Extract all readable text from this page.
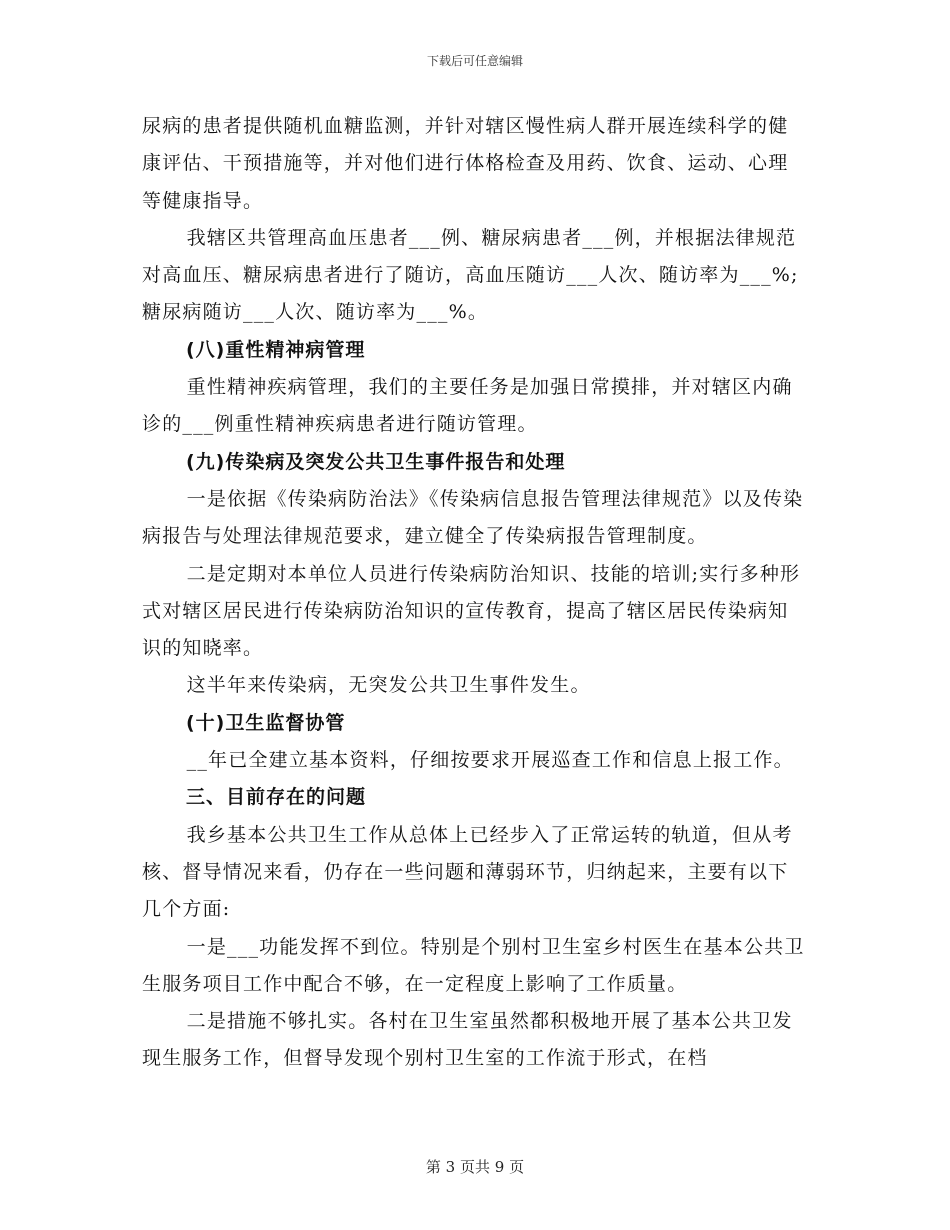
下载后可任意编辑

尿病的患者提供随机血糖监测，并针对辖区慢性病人群开展连续科学的健康评估、干预措施等，并对他们进行体格检查及用药、饮食、运动、心理等健康指导。

我辖区共管理高血压患者___例、糖尿病患者___例，并根据法律规范对高血压、糖尿病患者进行了随访，高血压随访___人次、随访率为___%;糖尿病随访___人次、随访率为___%。

(八)重性精神病管理

重性精神疾病管理，我们的主要任务是加强日常摸排，并对辖区内确诊的___例重性精神疾病患者进行随访管理。

(九)传染病及突发公共卫生事件报告和处理

一是依据《传染病防治法》《传染病信息报告管理法律规范》以及传染病报告与处理法律规范要求，建立健全了传染病报告管理制度。

二是定期对本单位人员进行传染病防治知识、技能的培训;实行多种形式对辖区居民进行传染病防治知识的宣传教育，提高了辖区居民传染病知识的知晓率。

这半年来传染病，无突发公共卫生事件发生。

(十)卫生监督协管

__年已全建立基本资料，仔细按要求开展巡查工作和信息上报工作。

三、目前存在的问题

我乡基本公共卫生工作从总体上已经步入了正常运转的轨道，但从考核、督导情况来看，仍存在一些问题和薄弱环节，归纳起来，主要有以下几个方面:

一是___功能发挥不到位。特别是个别村卫生室乡村医生在基本公共卫生服务项目工作中配合不够，在一定程度上影响了工作质量。

二是措施不够扎实。各村在卫生室虽然都积极地开展了基本公共卫发现生服务工作，但督导发现个别村卫生室的工作流于形式，在档

第 3 页共 9 页
